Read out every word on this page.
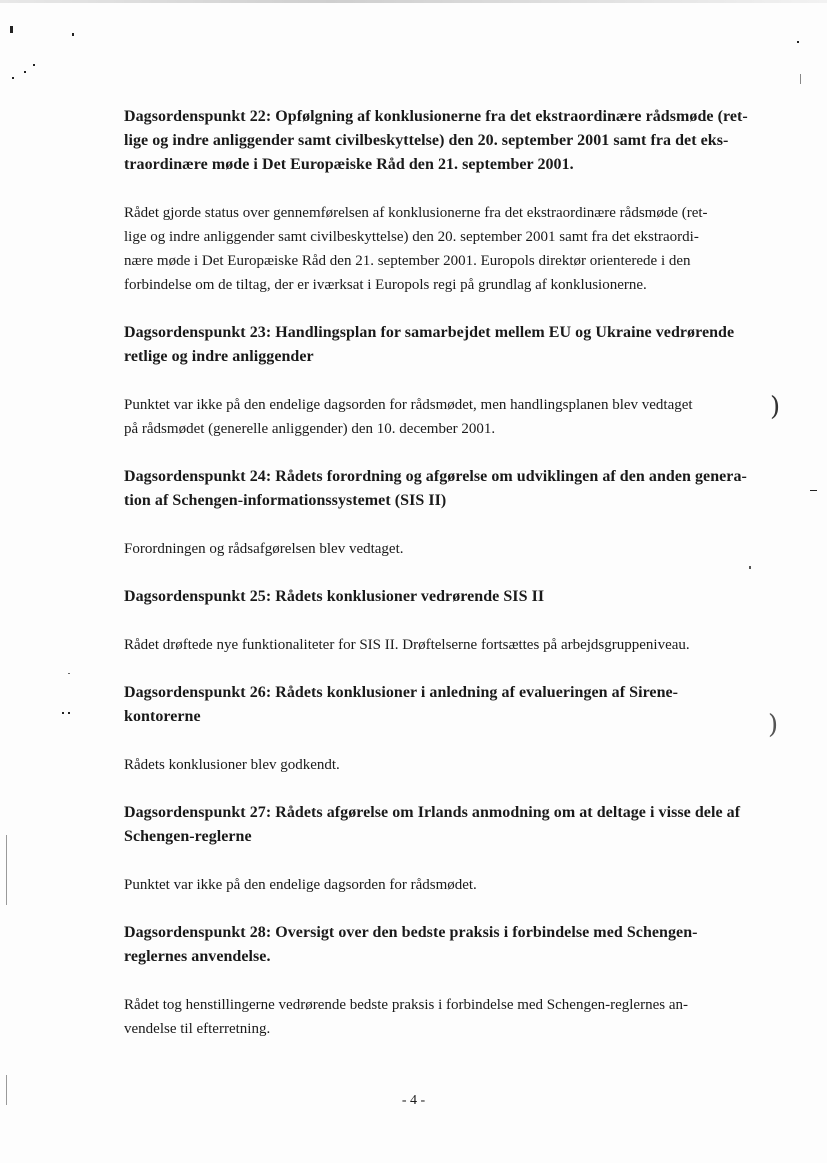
)
)
Dagsordenspunkt 22: Opfølgning af konklusionerne fra det ekstraordinære rådsmøde (ret-
lige og indre anliggender samt civilbeskyttelse) den 20. september 2001 samt fra det eks-
traordinære møde i Det Europæiske Råd den 21. september 2001.
Rådet gjorde status over gennemførelsen af konklusionerne fra det ekstraordinære rådsmøde (ret-
lige og indre anliggender samt civilbeskyttelse) den 20. september 2001 samt fra det ekstraordi-
nære møde i Det Europæiske Råd den 21. september 2001. Europols direktør orienterede i den
forbindelse om de tiltag, der er iværksat i Europols regi på grundlag af konklusionerne.
Dagsordenspunkt 23: Handlingsplan for samarbejdet mellem EU og Ukraine vedrørende
retlige og indre anliggender
Punktet var ikke på den endelige dagsorden for rådsmødet, men handlingsplanen blev vedtaget
på rådsmødet (generelle anliggender) den 10. december 2001.
Dagsordenspunkt 24: Rådets forordning og afgørelse om udviklingen af den anden genera-
tion af Schengen-informationssystemet (SIS II)
Forordningen og rådsafgørelsen blev vedtaget.
Dagsordenspunkt 25: Rådets konklusioner vedrørende SIS II
Rådet drøftede nye funktionaliteter for SIS II. Drøftelserne fortsættes på arbejdsgruppeniveau.
Dagsordenspunkt 26: Rådets konklusioner i anledning af evalueringen af Sirene-
kontorerne
Rådets konklusioner blev godkendt.
Dagsordenspunkt 27: Rådets afgørelse om Irlands anmodning om at deltage i visse dele af
Schengen-reglerne
Punktet var ikke på den endelige dagsorden for rådsmødet.
Dagsordenspunkt 28: Oversigt over den bedste praksis i forbindelse med Schengen-
reglernes anvendelse.
Rådet tog henstillingerne vedrørende bedste praksis i forbindelse med Schengen-reglernes an-
vendelse til efterretning.
- 4 -
